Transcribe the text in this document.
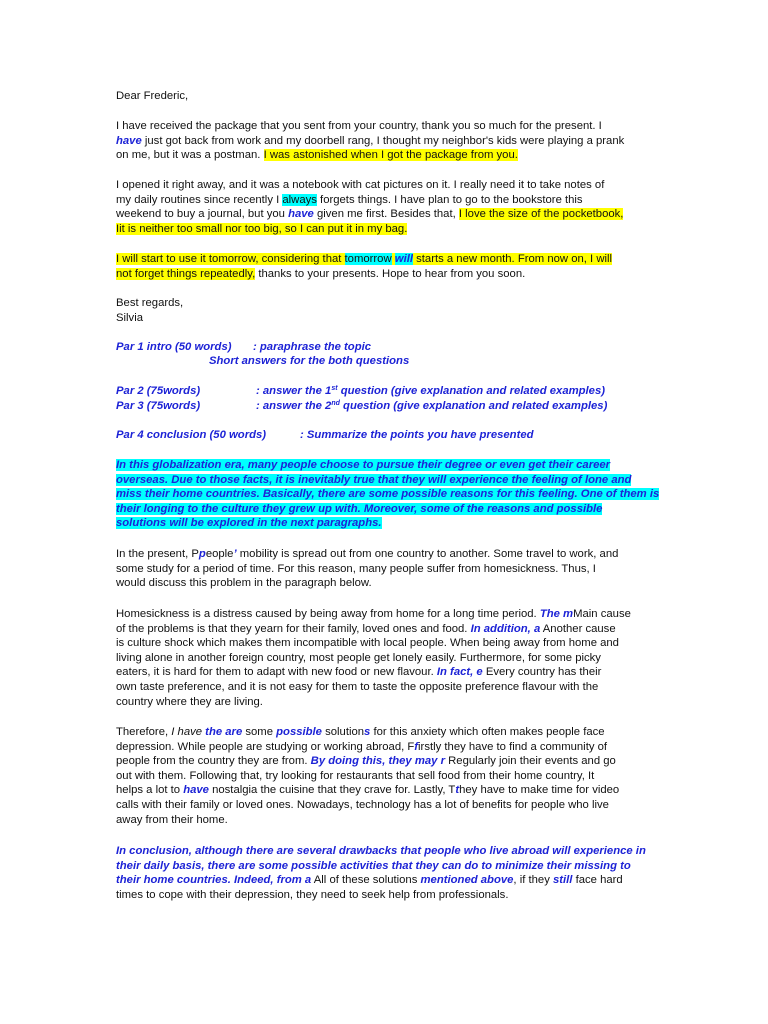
Dear Frederic,

I have received the package that you sent from your country, thank you so much for the present. I
have just got back from work and my doorbell rang, I thought my neighbor's kids were playing a prank
on me, but it was a postman. I was astonished when I got the package from you.

I opened it right away, and it was a notebook with cat pictures on it. I really need it to take notes of
my daily routines since recently I always forgets things. I have plan to go to the bookstore this
weekend to buy a journal, but you have given me first. Besides that, I love the size of the pocketbook,
Iit is neither too small nor too big, so I can put it in my bag.

I will start to use it tomorrow, considering that tomorrow will starts a new month. From now on, I will
not forget things repeatedly, thanks to your presents. Hope to hear from you soon.

Best regards,
Silvia

Par 1 intro (50 words) : paraphrase the topic
Short answers for the both questions
Par 2 (75words)	: answer the 1st question (give explanation and related examples)
Par 3 (75words)	: answer the 2nd question (give explanation and related examples)
Par 4 conclusion (50 words)	: Summarize the points you have presented

In this globalization era, many people choose to pursue their degree or even get their career
overseas. Due to those facts, it is inevitably true that they will experience the feeling of lone and
miss their home countries. Basically, there are some possible reasons for this feeling. One of them is
their longing to the culture they grew up with. Moreover, some of the reasons and possible
solutions will be explored in the next paragraphs.

In the present, Ppeople’ mobility is spread out from one country to another. Some travel to work, and
some study for a period of time. For this reason, many people suffer from homesickness. Thus, I
would discuss this problem in the paragraph below.

Homesickness is a distress caused by being away from home for a long time period. The mMain cause
of the problems is that they yearn for their family, loved ones and food. In addition, a Another cause
is culture shock which makes them incompatible with local people. When being away from home and
living alone in another foreign country, most people get lonely easily. Furthermore, for some picky
eaters, it is hard for them to adapt with new food or new flavour. In fact, e Every country has their
own taste preference, and it is not easy for them to taste the opposite preference flavour with the
country where they are living.

Therefore, I have the are some possible solutions for this anxiety which often makes people face
depression. While people are studying or working abroad, Ffirstly they have to find a community of
people from the country they are from. By doing this, they may r Regularly join their events and go
out with them. Following that, try looking for restaurants that sell food from their home country, It
helps a lot to have nostalgia the cuisine that they crave for. Lastly, Tthey have to make time for video
calls with their family or loved ones. Nowadays, technology has a lot of benefits for people who live
away from their home.

In conclusion, although there are several drawbacks that people who live abroad will experience in
their daily basis, there are some possible activities that they can do to minimize their missing to
their home countries. Indeed, from a All of these solutions mentioned above, if they still face hard
times to cope with their depression, they need to seek help from professionals.
